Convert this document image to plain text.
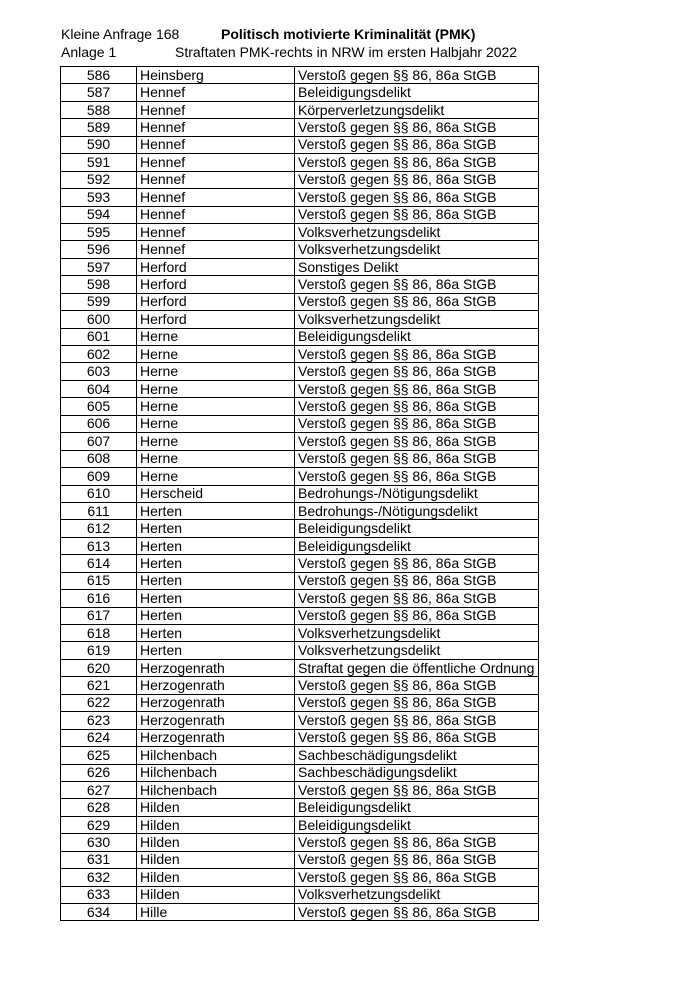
Kleine Anfrage 168
Anlage 1
Politisch motivierte Kriminalität (PMK)
Straftaten PMK-rechts in NRW im ersten Halbjahr 2022
586	Heinsberg	Verstoß gegen §§ 86, 86a StGB
587	Hennef	Beleidigungsdelikt
588	Hennef	Körperverletzungsdelikt
589	Hennef	Verstoß gegen §§ 86, 86a StGB
590	Hennef	Verstoß gegen §§ 86, 86a StGB
591	Hennef	Verstoß gegen §§ 86, 86a StGB
592	Hennef	Verstoß gegen §§ 86, 86a StGB
593	Hennef	Verstoß gegen §§ 86, 86a StGB
594	Hennef	Verstoß gegen §§ 86, 86a StGB
595	Hennef	Volksverhetzungsdelikt
596	Hennef	Volksverhetzungsdelikt
597	Herford	Sonstiges Delikt
598	Herford	Verstoß gegen §§ 86, 86a StGB
599	Herford	Verstoß gegen §§ 86, 86a StGB
600	Herford	Volksverhetzungsdelikt
601	Herne	Beleidigungsdelikt
602	Herne	Verstoß gegen §§ 86, 86a StGB
603	Herne	Verstoß gegen §§ 86, 86a StGB
604	Herne	Verstoß gegen §§ 86, 86a StGB
605	Herne	Verstoß gegen §§ 86, 86a StGB
606	Herne	Verstoß gegen §§ 86, 86a StGB
607	Herne	Verstoß gegen §§ 86, 86a StGB
608	Herne	Verstoß gegen §§ 86, 86a StGB
609	Herne	Verstoß gegen §§ 86, 86a StGB
610	Herscheid	Bedrohungs-/Nötigungsdelikt
611	Herten	Bedrohungs-/Nötigungsdelikt
612	Herten	Beleidigungsdelikt
613	Herten	Beleidigungsdelikt
614	Herten	Verstoß gegen §§ 86, 86a StGB
615	Herten	Verstoß gegen §§ 86, 86a StGB
616	Herten	Verstoß gegen §§ 86, 86a StGB
617	Herten	Verstoß gegen §§ 86, 86a StGB
618	Herten	Volksverhetzungsdelikt
619	Herten	Volksverhetzungsdelikt
620	Herzogenrath	Straftat gegen die öffentliche Ordnung
621	Herzogenrath	Verstoß gegen §§ 86, 86a StGB
622	Herzogenrath	Verstoß gegen §§ 86, 86a StGB
623	Herzogenrath	Verstoß gegen §§ 86, 86a StGB
624	Herzogenrath	Verstoß gegen §§ 86, 86a StGB
625	Hilchenbach	Sachbeschädigungsdelikt
626	Hilchenbach	Sachbeschädigungsdelikt
627	Hilchenbach	Verstoß gegen §§ 86, 86a StGB
628	Hilden	Beleidigungsdelikt
629	Hilden	Beleidigungsdelikt
630	Hilden	Verstoß gegen §§ 86, 86a StGB
631	Hilden	Verstoß gegen §§ 86, 86a StGB
632	Hilden	Verstoß gegen §§ 86, 86a StGB
633	Hilden	Volksverhetzungsdelikt
634	Hille	Verstoß gegen §§ 86, 86a StGB
